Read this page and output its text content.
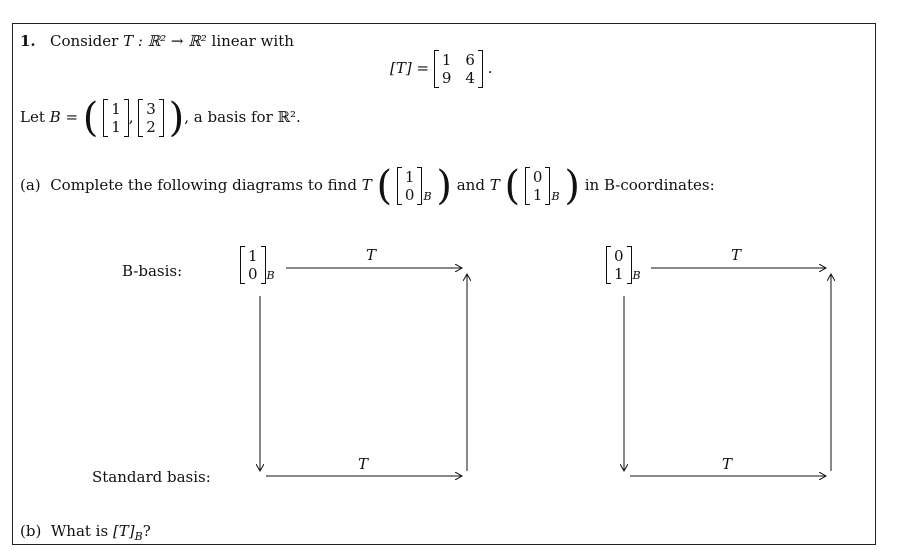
1. Consider T : ℝ² → ℝ² linear with
[T] = 1 6
9 4
.
Let B = ( 1
1
, 3
2 ), a basis for ℝ².
(a) Complete the following diagrams to find T ( 1
0 $_B$ ) and T ( 0
1 $_B$ ) in B-coordinates:
B-basis:
Standard basis:
1
0 $_B$
0
1 $_B$
T
T
T
T
(b) What is $[T]_B$?
